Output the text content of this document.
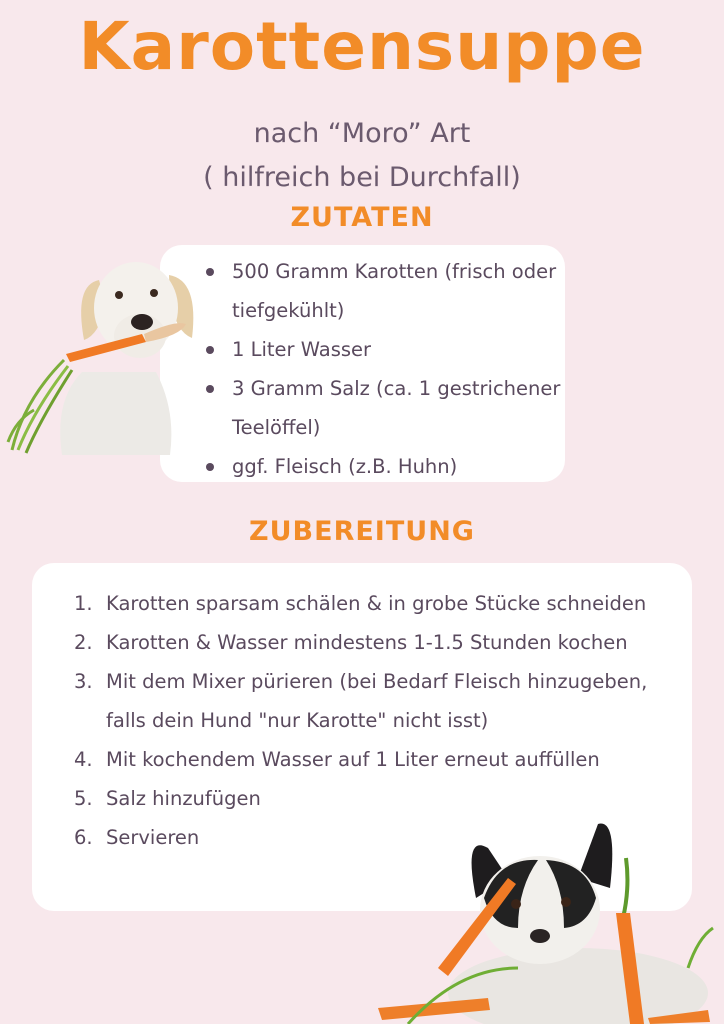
Karottensuppe

nach “Moro” Art

( hilfreich bei Durchfall)

ZUTATEN
500 Gramm Karotten (frisch oder tiefgekühlt)
1 Liter Wasser
3 Gramm Salz (ca. 1 gestrichener Teelöffel)
ggf. Fleisch (z.B. Huhn)
ZUBEREITUNG
1. Karotten sparsam schälen & in grobe Stücke schneiden
2. Karotten & Wasser mindestens 1-1.5 Stunden kochen
3. Mit dem Mixer pürieren (bei Bedarf Fleisch hinzugeben, falls dein Hund "nur Karotte" nicht isst)
4. Mit kochendem Wasser auf 1 Liter erneut auffüllen
5. Salz hinzufügen
6. Servieren
